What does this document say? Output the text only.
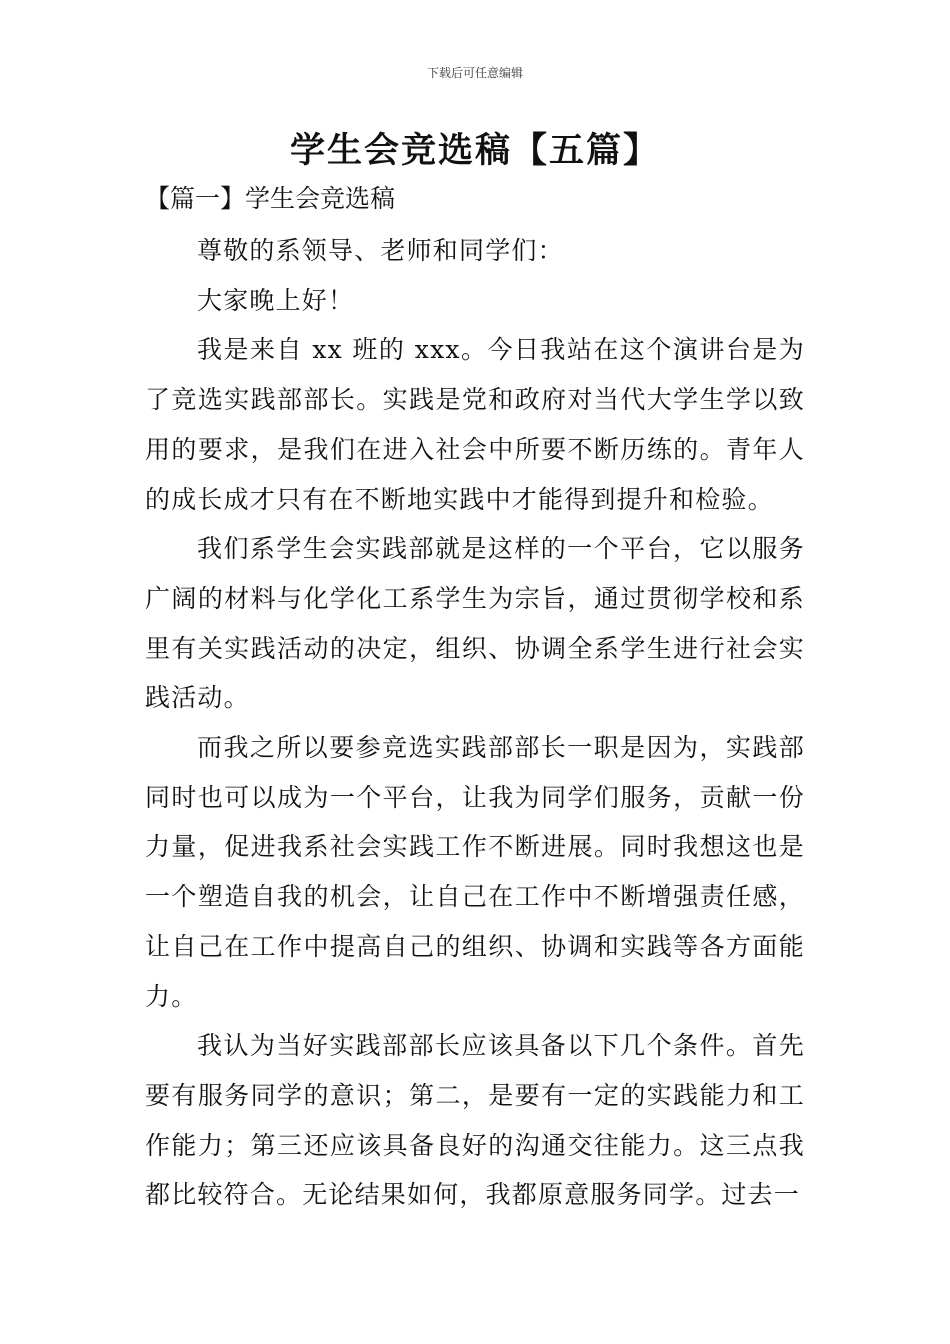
下载后可任意编辑
学生会竞选稿【五篇】
【篇一】学生会竞选稿

尊敬的系领导、老师和同学们：

大家晚上好！

我是来自 xx 班的 xxx。今日我站在这个演讲台是为了竞选实践部部长。实践是党和政府对当代大学生学以致用的要求，是我们在进入社会中所要不断历练的。青年人的成长成才只有在不断地实践中才能得到提升和检验。

我们系学生会实践部就是这样的一个平台，它以服务广阔的材料与化学化工系学生为宗旨，通过贯彻学校和系里有关实践活动的决定，组织、协调全系学生进行社会实践活动。

而我之所以要参竞选实践部部长一职是因为，实践部同时也可以成为一个平台，让我为同学们服务，贡献一份力量，促进我系社会实践工作不断进展。同时我想这也是一个塑造自我的机会，让自己在工作中不断增强责任感，让自己在工作中提高自己的组织、协调和实践等各方面能力。

我认为当好实践部部长应该具备以下几个条件。首先要有服务同学的意识；第二，是要有一定的实践能力和工作能力；第三还应该具备良好的沟通交往能力。这三点我都比较符合。无论结果如何，我都原意服务同学。过去一
